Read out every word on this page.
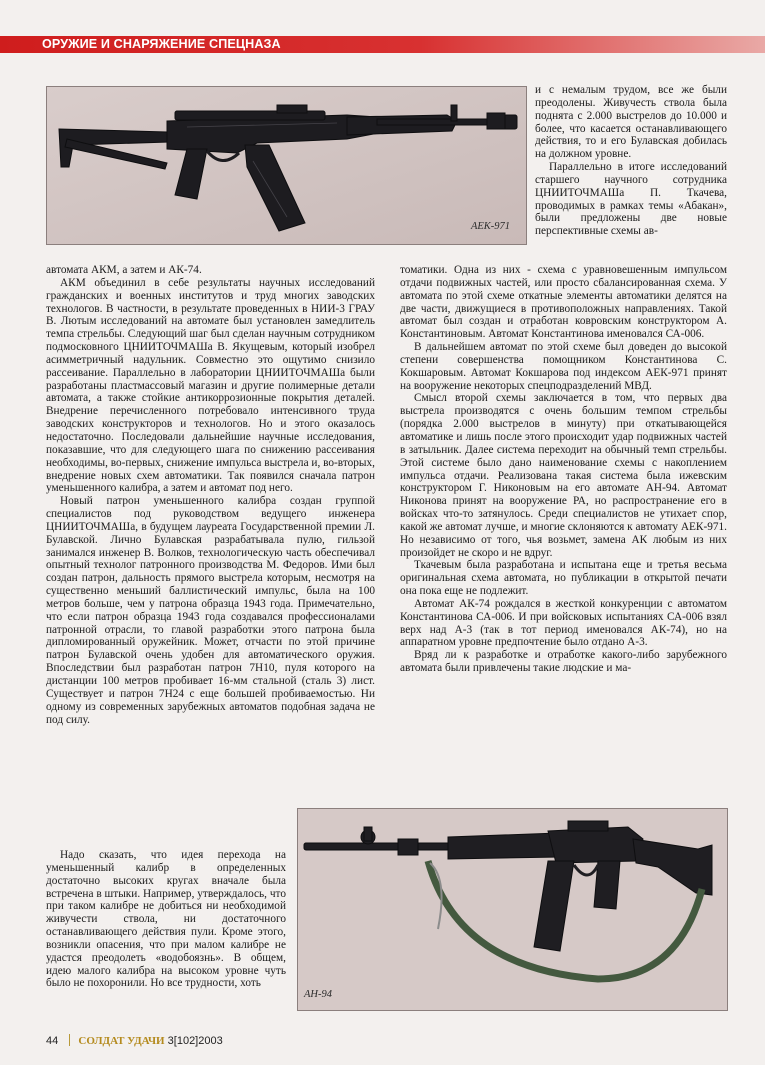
ОРУЖИЕ И СНАРЯЖЕНИЕ СПЕЦНАЗА
АЕК-971

и с немалым трудом, все же были преодолены. Живучесть ствола была поднята с 2.000 выстрелов до 10.000 и более, что касается останавливающего действия, то и его Булавская добилась на должном уровне.

Параллельно в итоге исследований старшего научного сотрудника ЦНИИТОЧМАШа П. Ткачева, проводимых в рамках темы «Абакан», были предложены две новые перспективные схемы ав-

автомата АКМ, а затем и АК-74.

АКМ объединил в себе результаты научных исследований гражданских и военных институтов и труд многих заводских технологов. В частности, в результате проведенных в НИИ-3 ГРАУ В. Лютым исследований на автомате был установлен замедлитель темпа стрельбы. Следующий шаг был сделан научным сотрудником подмосковного ЦНИИТОЧМАШа В. Якущевым, который изобрел асимметричный надульник. Совместно это ощутимо снизило рассеивание. Параллельно в лаборатории ЦНИИТОЧМАШа были разработаны пластмассовый магазин и другие полимерные детали автомата, а также стойкие антикоррозионные покрытия деталей. Внедрение перечисленного потребовало интенсивного труда заводских конструкторов и технологов. Но и этого оказалось недостаточно. Последовали дальнейшие научные исследования, показавшие, что для следующего шага по снижению рассеивания необходимы, во-первых, снижение импульса выстрела и, во-вторых, внедрение новых схем автоматики. Так появился сначала патрон уменьшенного калибра, а затем и автомат под него.

Новый патрон уменьшенного калибра создан группой специалистов под руководством ведущего инженера ЦНИИТОЧМАШа, в будущем лауреата Государственной премии Л. Булавской. Лично Булавская разрабатывала пулю, гильзой занимался инженер В. Волков, технологическую часть обеспечивал опытный технолог патронного производства М. Федоров. Ими был создан патрон, дальность прямого выстрела которым, несмотря на существенно меньший баллистический импульс, была на 100 метров больше, чем у патрона образца 1943 года. Примечательно, что если патрон образца 1943 года создавался профессионалами патронной отрасли, то главой разработки этого патрона была дипломированный оружейник. Может, отчасти по этой причине патрон Булавской очень удобен для автоматического оружия. Впоследствии был разработан патрон 7Н10, пуля которого на дистанции 100 метров пробивает 16-мм стальной (сталь 3) лист. Существует и патрон 7Н24 с еще большей пробиваемостью. Ни одному из современных зарубежных автоматов подобная задача не под силу.

Надо сказать, что идея перехода на уменьшенный калибр в определенных достаточно высоких кругах вначале была встречена в штыки. Например, утверждалось, что при таком калибре не добиться ни необходимой живучести ствола, ни достаточного останавливающего действия пули. Кроме этого, возникли опасения, что при малом калибре не удастся преодолеть «водобоязнь». В общем, идею малого калибра на высоком уровне чуть было не похоронили. Но все трудности, хоть

томатики. Одна из них - схема с уравновешенным импульсом отдачи подвижных частей, или просто сбалансированная схема. У автомата по этой схеме откатные элементы автоматики делятся на две части, движущиеся в противоположных направлениях. Такой автомат был создан и отработан ковровским конструктором А. Константиновым. Автомат Константинова именовался СА-006.

В дальнейшем автомат по этой схеме был доведен до высокой степени совершенства помощником Константинова С. Кокшаровым. Автомат Кокшарова под индексом АЕК-971 принят на вооружение некоторых спецподразделений МВД.

Смысл второй схемы заключается в том, что первых два выстрела производятся с очень большим темпом стрельбы (порядка 2.000 выстрелов в минуту) при откатывающейся автоматике и лишь после этого происходит удар подвижных частей в затыльник. Далее система переходит на обычный темп стрельбы. Этой системе было дано наименование схемы с накоплением импульса отдачи. Реализована такая система была ижевским конструктором Г. Никоновым на его автомате АН-94. Автомат Никонова принят на вооружение РА, но распространение его в войсках что-то затянулось. Среди специалистов не утихает спор, какой же автомат лучше, и многие склоняются к автомату АЕК-971. Но независимо от того, чья возьмет, замена АК любым из них произойдет не скоро и не вдруг.

Ткачевым была разработана и испытана еще и третья весьма оригинальная схема автомата, но публикации в открытой печати она пока еще не подлежит.

Автомат АК-74 рождался в жесткой конкуренции с автоматом Константинова СА-006. И при войсковых испытаниях СА-006 взял верх над А-3 (так в тот период именовался АК-74), но на аппаратном уровне предпочтение было отдано А-3.

Вряд ли к разработке и отработке какого-либо зарубежного автомата были привлечены такие людские и ма-

АН-94
44 СОЛДАТ УДАЧИ 3[102]2003
